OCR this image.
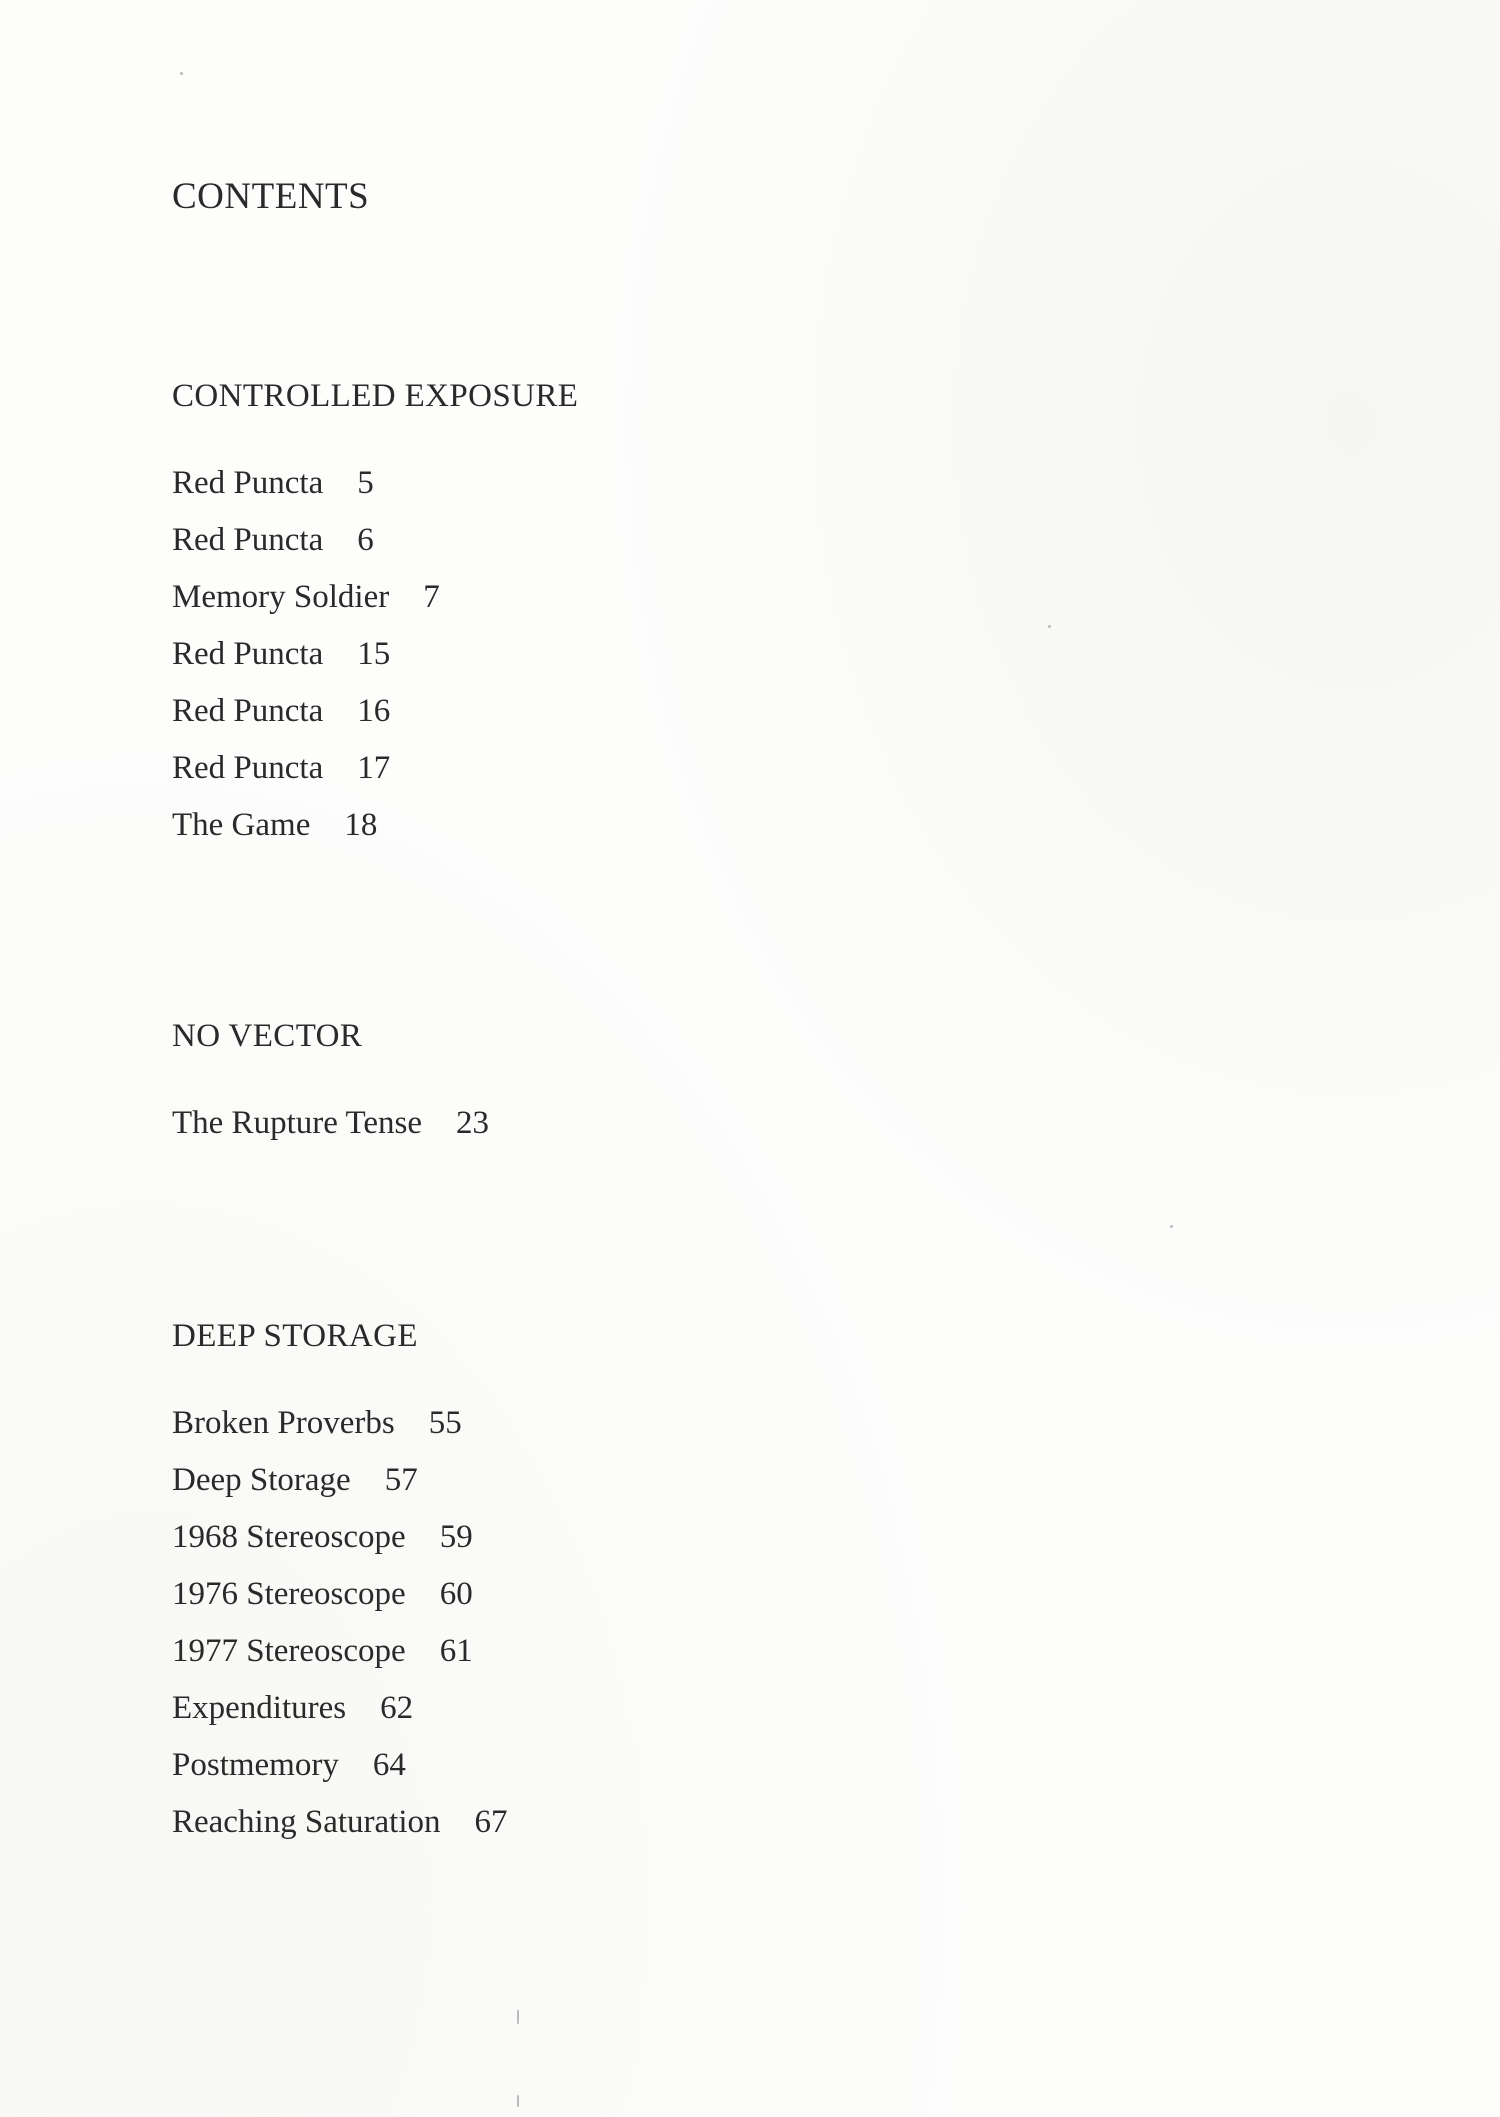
CONTENTS
CONTROLLED EXPOSURE
Red Puncta 5
Red Puncta 6
Memory Soldier 7
Red Puncta 15
Red Puncta 16
Red Puncta 17
The Game 18
NO VECTOR
The Rupture Tense 23
DEEP STORAGE
Broken Proverbs 55
Deep Storage 57
1968 Stereoscope 59
1976 Stereoscope 60
1977 Stereoscope 61
Expenditures 62
Postmemory 64
Reaching Saturation 67
